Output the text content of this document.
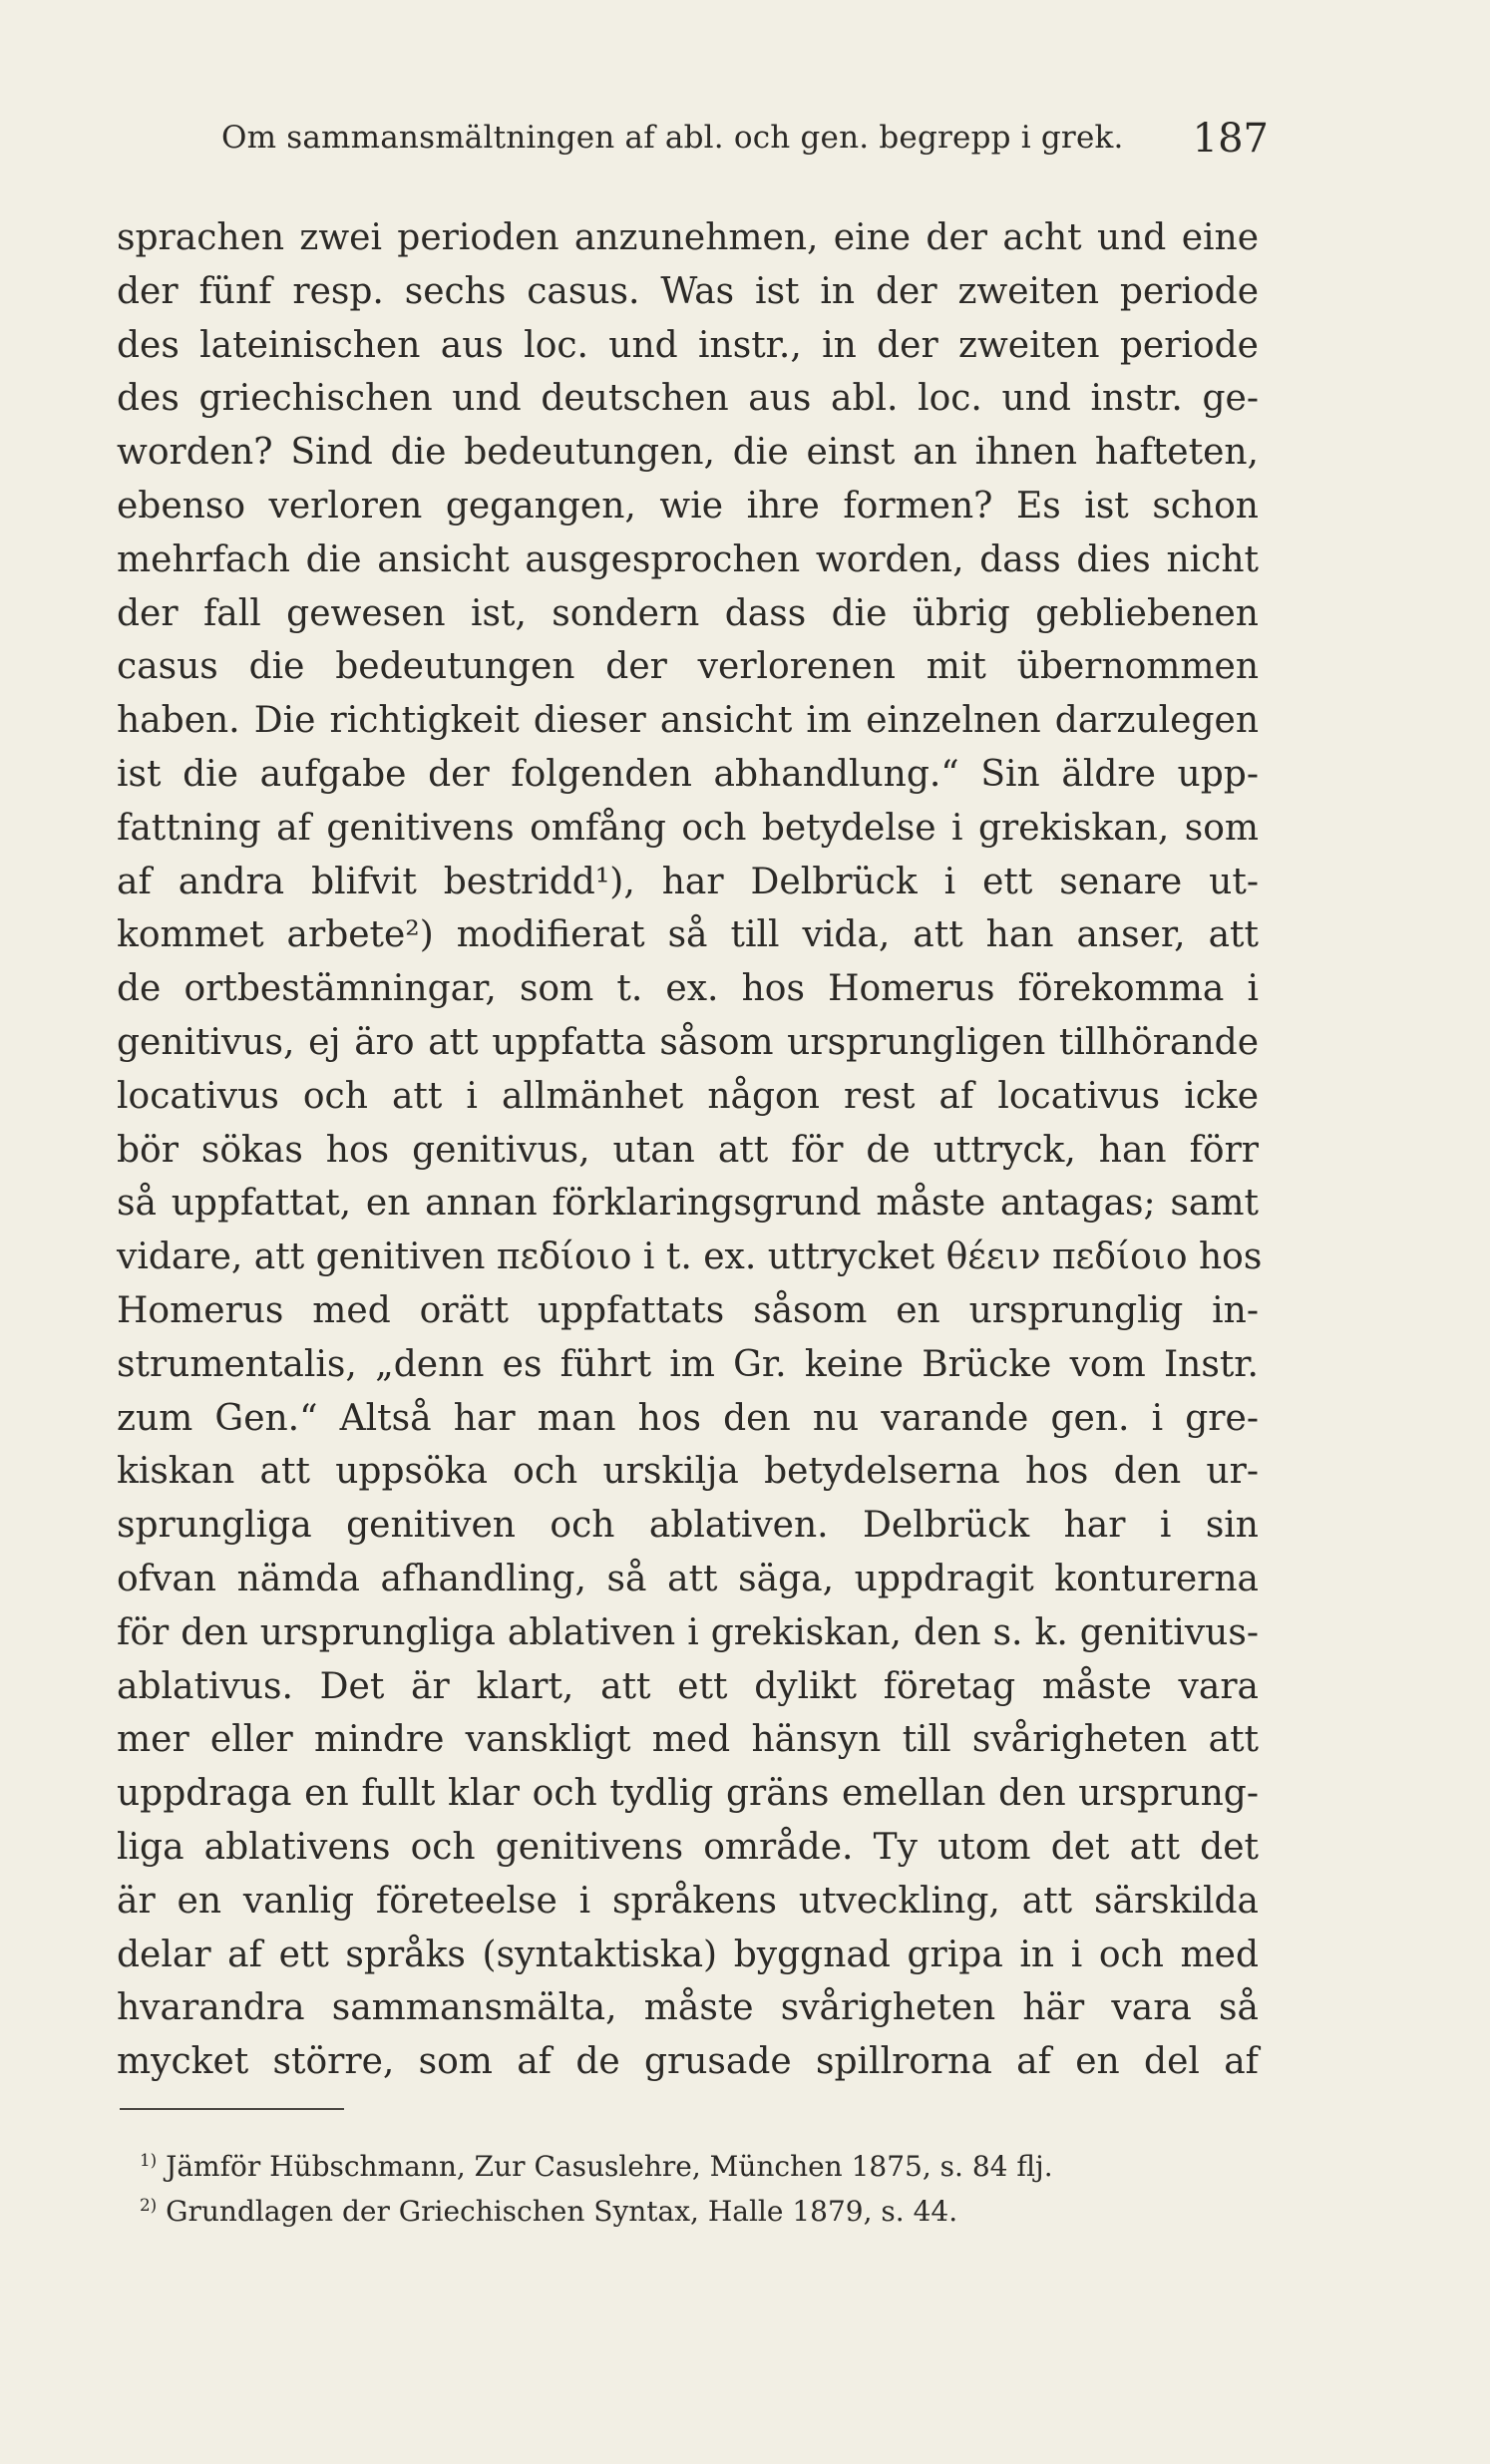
Om sammansmältningen af abl. och gen. begrepp i grek. 187
sprachen zwei perioden anzunehmen, eine der acht und eine
der fünf resp. sechs casus. Was ist in der zweiten periode
des lateinischen aus loc. und instr., in der zweiten periode
des griechischen und deutschen aus abl. loc. und instr. ge-
worden? Sind die bedeutungen, die einst an ihnen hafteten,
ebenso verloren gegangen, wie ihre formen? Es ist schon
mehrfach die ansicht ausgesprochen worden, dass dies nicht
der fall gewesen ist, sondern dass die übrig gebliebenen
casus die bedeutungen der verlorenen mit übernommen
haben. Die richtigkeit dieser ansicht im einzelnen darzulegen
ist die aufgabe der folgenden abhandlung.“ Sin äldre upp-
fattning af genitivens omfång och betydelse i grekiskan, som
af andra blifvit bestridd¹), har Delbrück i ett senare ut-
kommet arbete²) modifierat så till vida, att han anser, att
de ortbestämningar, som t. ex. hos Homerus förekomma i
genitivus, ej äro att uppfatta såsom ursprungligen tillhörande
locativus och att i allmänhet någon rest af locativus icke
bör sökas hos genitivus, utan att för de uttryck, han förr
så uppfattat, en annan förklaringsgrund måste antagas; samt
vidare, att genitiven πεδίοιο i t. ex. uttrycket θέειν πεδίοιο hos
Homerus med orätt uppfattats såsom en ursprunglig in-
strumentalis, „denn es führt im Gr. keine Brücke vom Instr.
zum Gen.“ Altså har man hos den nu varande gen. i gre-
kiskan att uppsöka och urskilja betydelserna hos den ur-
sprungliga genitiven och ablativen. Delbrück har i sin
ofvan nämda afhandling, så att säga, uppdragit konturerna
för den ursprungliga ablativen i grekiskan, den s. k. genitivus-
ablativus. Det är klart, att ett dylikt företag måste vara
mer eller mindre vanskligt med hänsyn till svårigheten att
uppdraga en fullt klar och tydlig gräns emellan den ursprung-
liga ablativens och genitivens område. Ty utom det att det
är en vanlig företeelse i språkens utveckling, att särskilda
delar af ett språks (syntaktiska) byggnad gripa in i och med
hvarandra sammansmälta, måste svårigheten här vara så
mycket större, som af de grusade spillrorna af en del af
$^{1)}$ Jämför Hübschmann, Zur Casuslehre, München 1875, s. 84 flj.
$^{2)}$ Grundlagen der Griechischen Syntax, Halle 1879, s. 44.
